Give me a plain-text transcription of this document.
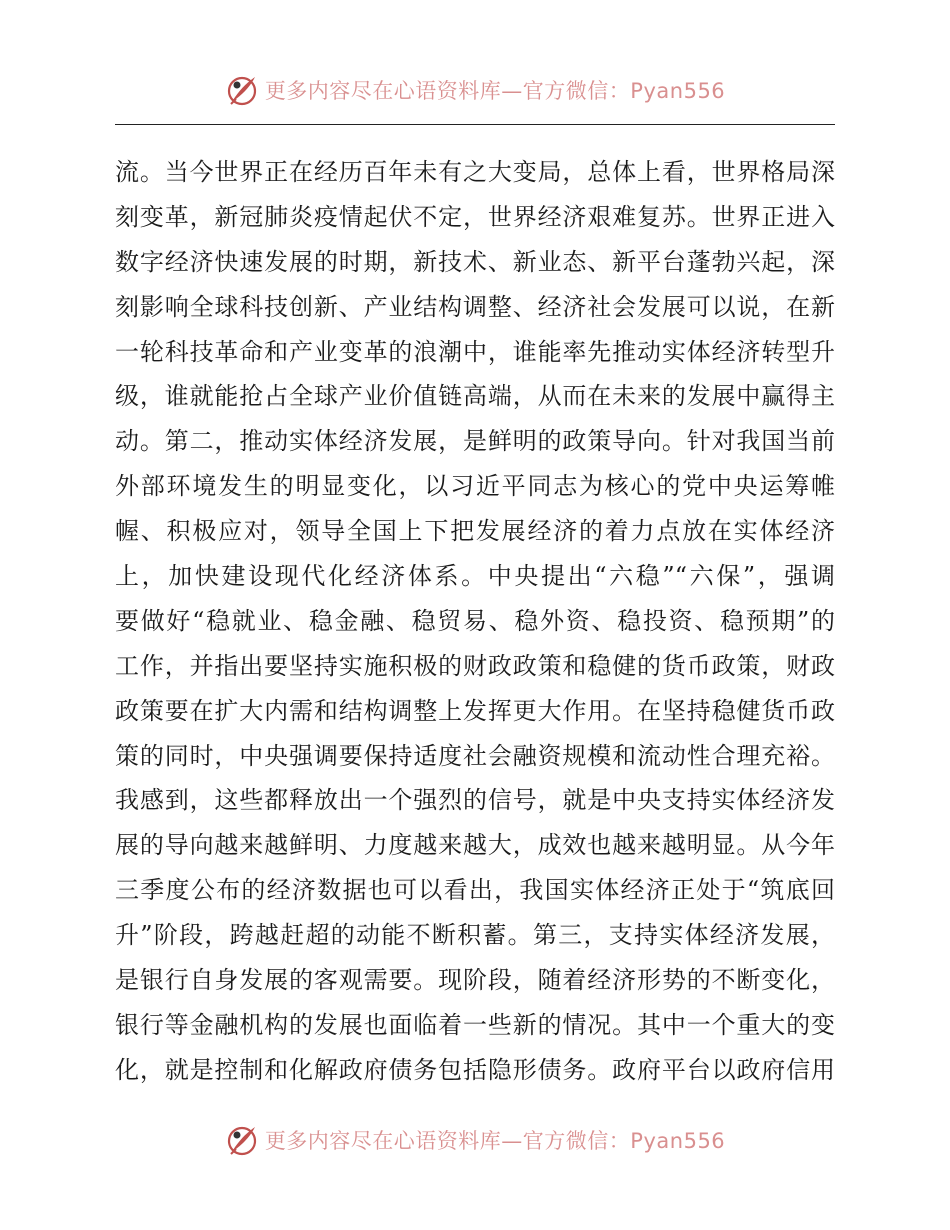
更多内容尽在心语资料库—官方微信：Pyan556
流。当今世界正在经历百年未有之大变局，总体上看，世界格局深
刻变革，新冠肺炎疫情起伏不定，世界经济艰难复苏。世界正进入
数字经济快速发展的时期，新技术、新业态、新平台蓬勃兴起，深
刻影响全球科技创新、产业结构调整、经济社会发展可以说，在新
一轮科技革命和产业变革的浪潮中，谁能率先推动实体经济转型升
级，谁就能抢占全球产业价值链高端，从而在未来的发展中赢得主
动。第二，推动实体经济发展，是鲜明的政策导向。针对我国当前
外部环境发生的明显变化，以习近平同志为核心的党中央运筹帷
幄、积极应对，领导全国上下把发展经济的着力点放在实体经济
上，加快建设现代化经济体系。中央提出“六稳”“六保”，强调
要做好“稳就业、稳金融、稳贸易、稳外资、稳投资、稳预期”的
工作，并指出要坚持实施积极的财政政策和稳健的货币政策，财政
政策要在扩大内需和结构调整上发挥更大作用。在坚持稳健货币政
策的同时，中央强调要保持适度社会融资规模和流动性合理充裕。
我感到，这些都释放出一个强烈的信号，就是中央支持实体经济发
展的导向越来越鲜明、力度越来越大，成效也越来越明显。从今年
三季度公布的经济数据也可以看出，我国实体经济正处于“筑底回
升”阶段，跨越赶超的动能不断积蓄。第三，支持实体经济发展，
是银行自身发展的客观需要。现阶段，随着经济形势的不断变化，
银行等金融机构的发展也面临着一些新的情况。其中一个重大的变
化，就是控制和化解政府债务包括隐形债务。政府平台以政府信用
更多内容尽在心语资料库—官方微信：Pyan556
